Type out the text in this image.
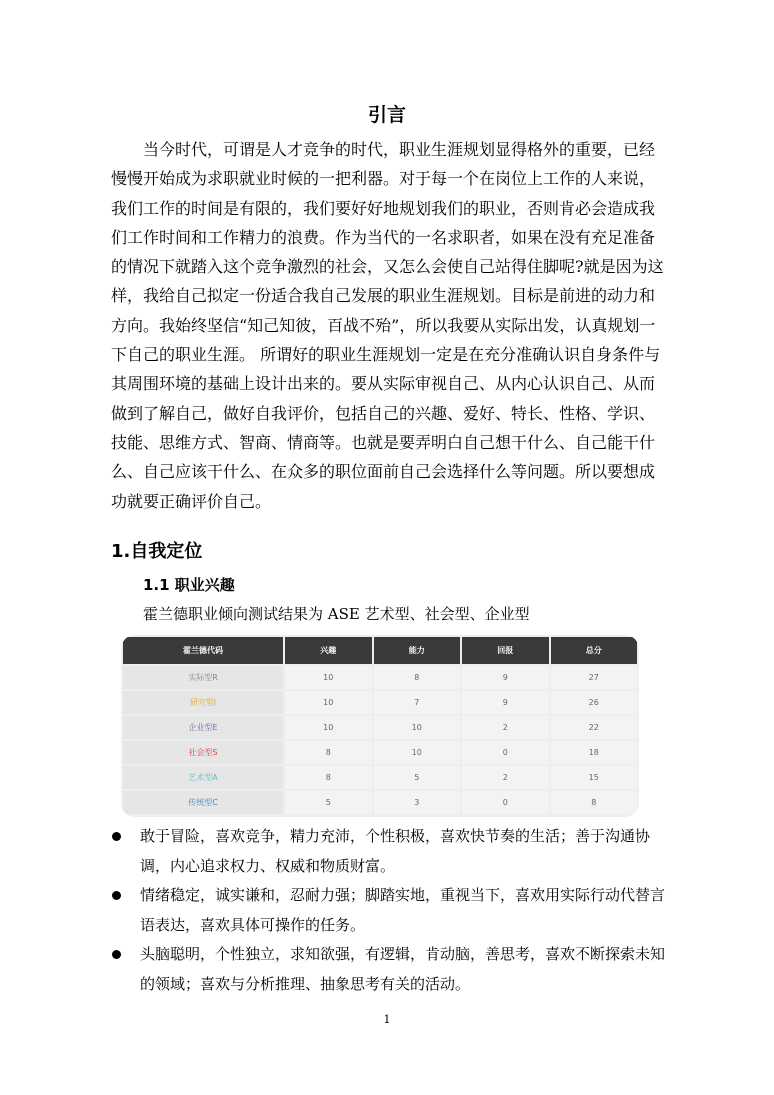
引言

当今时代，可谓是人才竞争的时代，职业生涯规划显得格外的重要，已经慢慢开始成为求职就业时候的一把利器。对于每一个在岗位上工作的人来说，我们工作的时间是有限的，我们要好好地规划我们的职业，否则肯必会造成我们工作时间和工作精力的浪费。作为当代的一名求职者，如果在没有充足准备的情况下就踏入这个竞争激烈的社会，又怎么会使自己站得住脚呢?就是因为这样，我给自己拟定一份适合我自己发展的职业生涯规划。目标是前进的动力和方向。我始终坚信“知己知彼，百战不殆”，所以我要从实际出发，认真规划一下自己的职业生涯。 所谓好的职业生涯规划一定是在充分准确认识自身条件与其周围环境的基础上设计出来的。要从实际审视自己、从内心认识自己、从而做到了解自己，做好自我评价，包括自己的兴趣、爱好、特长、性格、学识、技能、思维方式、智商、情商等。也就是要弄明白自己想干什么、自己能干什么、自己应该干什么、在众多的职位面前自己会选择什么等问题。所以要想成功就要正确评价自己。

1.自我定位
1.1 职业兴趣
霍兰德职业倾向测试结果为 ASE 艺术型、社会型、企业型
霍兰德代码	兴趣	能力	回报	总分
实际型R	10	8	9	27
研究型I	10	7	9	26
企业型E	10	10	2	22
社会型S	8	10	0	18
艺术型A	8	5	2	15
传统型C	5	3	0	8
敢于冒险，喜欢竞争，精力充沛，个性积极，喜欢快节奏的生活；善于沟通协调，内心追求权力、权威和物质财富。
情绪稳定，诚实谦和，忍耐力强；脚踏实地，重视当下，喜欢用实际行动代替言语表达，喜欢具体可操作的任务。
头脑聪明，个性独立，求知欲强，有逻辑，肯动脑，善思考，喜欢不断探索未知的领域；喜欢与分析推理、抽象思考有关的活动。
1
